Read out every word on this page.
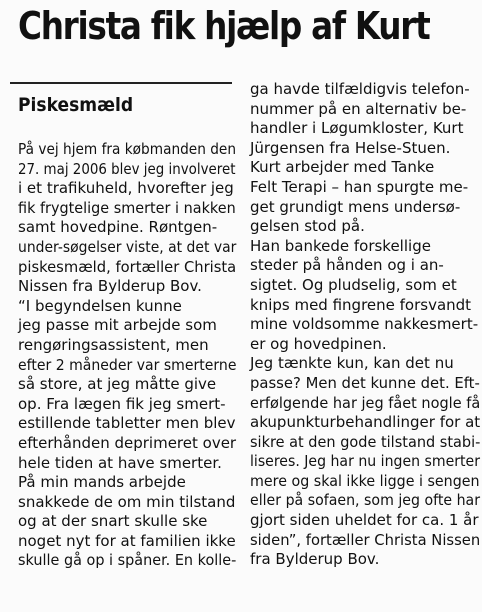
Christa fik hjælp af Kurt
Piskesmæld

På vej hjem fra købmanden den
27. maj 2006 blev jeg involveret
i et trafikuheld, hvorefter jeg
fik frygtelige smerter i nakken
samt hovedpine. Røntgen-
under-søgelser viste, at det var
piskesmæld, fortæller Christa
Nissen fra Bylderup Bov.

“I begyndelsen kunne
jeg passe mit arbejde som
rengøringsassistent, men
efter 2 måneder var smerterne
så store, at jeg måtte give
op. Fra lægen fik jeg smert-
estillende tabletter men blev
efterhånden deprimeret over
hele tiden at have smerter.

På min mands arbejde
snakkede de om min tilstand
og at der snart skulle ske
noget nyt for at familien ikke
skulle gå op i spåner. En kolle-

ga havde tilfældigvis telefon-
nummer på en alternativ be-
handler i Løgumkloster, Kurt
Jürgensen fra Helse-Stuen.

Kurt arbejder med Tanke
Felt Terapi – han spurgte me-
get grundigt mens undersø-
gelsen stod på.

Han bankede forskellige
steder på hånden og i an-
sigtet. Og pludselig, som et
knips med fingrene forsvandt
mine voldsomme nakkesmert-
er og hovedpinen.

Jeg tænkte kun, kan det nu
passe? Men det kunne det. Eft-
erfølgende har jeg fået nogle få
akupunkturbehandlinger for at
sikre at den gode tilstand stabi-
liseres. Jeg har nu ingen smerter
mere og skal ikke ligge i sengen
eller på sofaen, som jeg ofte har
gjort siden uheldet for ca. 1 år
siden”, fortæller Christa Nissen
fra Bylderup Bov.
